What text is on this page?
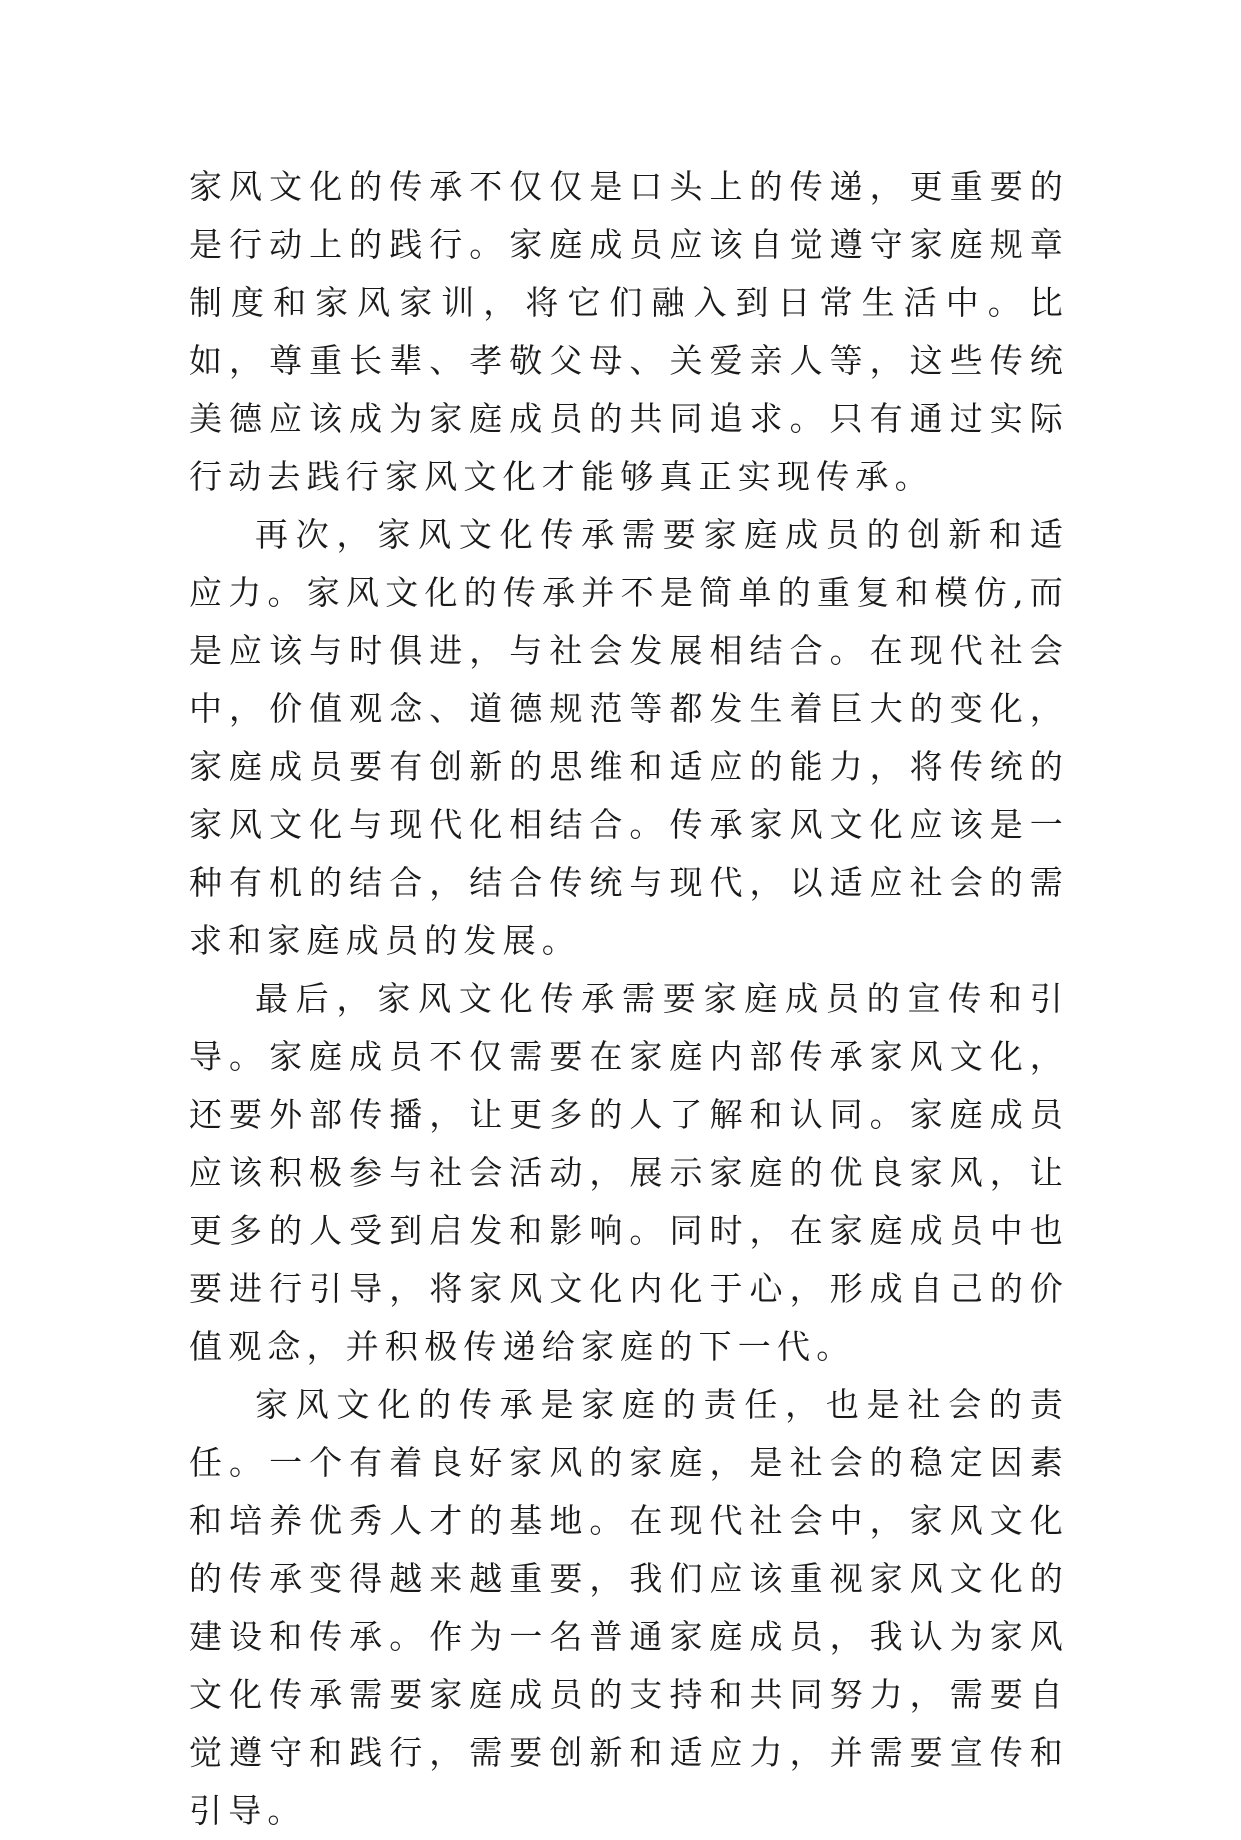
家风文化的传承不仅仅是口头上的传递，更重要的是行动上的践行。家庭成员应该自觉遵守家庭规章制度和家风家训，将它们融入到日常生活中。比如，尊重长辈、孝敬父母、关爱亲人等，这些传统美德应该成为家庭成员的共同追求。只有通过实际行动去践行家风文化才能够真正实现传承。

再次，家风文化传承需要家庭成员的创新和适应力。家风文化的传承并不是简单的重复和模仿,而是应该与时俱进，与社会发展相结合。在现代社会中，价值观念、道德规范等都发生着巨大的变化，家庭成员要有创新的思维和适应的能力，将传统的家风文化与现代化相结合。传承家风文化应该是一种有机的结合，结合传统与现代，以适应社会的需求和家庭成员的发展。

最后，家风文化传承需要家庭成员的宣传和引导。家庭成员不仅需要在家庭内部传承家风文化，还要外部传播，让更多的人了解和认同。家庭成员应该积极参与社会活动，展示家庭的优良家风，让更多的人受到启发和影响。同时，在家庭成员中也要进行引导，将家风文化内化于心，形成自己的价值观念，并积极传递给家庭的下一代。

家风文化的传承是家庭的责任，也是社会的责任。一个有着良好家风的家庭，是社会的稳定因素和培养优秀人才的基地。在现代社会中，家风文化的传承变得越来越重要，我们应该重视家风文化的建设和传承。作为一名普通家庭成员，我认为家风文化传承需要家庭成员的支持和共同努力，需要自觉遵守和践行，需要创新和适应力，并需要宣传和引导。
